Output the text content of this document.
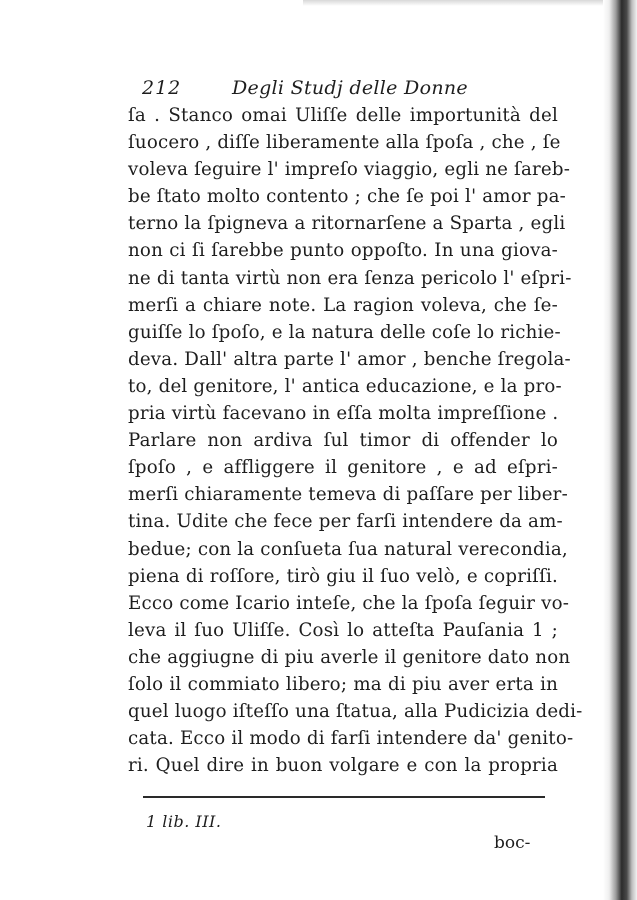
212	Degli Studj delle Donne
ſa . Stanco omai Uliſſe delle importunità del
ſuocero , diſſe liberamente alla ſpoſa , che , ſe
voleva ſeguire l' impreſo viaggio, egli ne ſareb-
be ſtato molto contento ; che ſe poi l' amor pa-
terno la ſpigneva a ritornarſene a Sparta , egli
non ci ſi ſarebbe punto oppoſto. In una giova-
ne di tanta virtù non era ſenza pericolo l' eſpri-
merſi a chiare note. La ragion voleva, che ſe-
guiſſe lo ſpoſo, e la natura delle coſe lo richie-
deva. Dall' altra parte l' amor , benche ſregola-
to, del genitore, l' antica educazione, e la pro-
pria virtù facevano in eſſa molta impreſſione .
Parlare non ardiva ſul timor di offender lo
ſpoſo , e affliggere il genitore , e ad eſpri-
merſi chiaramente temeva di paſſare per liber-
tina. Udite che fece per farſi intendere da am-
bedue; con la conſueta ſua natural verecondia,
piena di roſſore, tirò giu il ſuo velò, e copriſſi.
Ecco come Icario inteſe, che la ſpoſa ſeguir vo-
leva il ſuo Uliſſe. Così lo atteſta Pauſania 1 ;
che aggiugne di piu averle il genitore dato non
ſolo il commiato libero; ma di piu aver erta in
quel luogo iſteſſo una ſtatua, alla Pudicizia dedi-
cata. Ecco il modo di farſi intendere da' genito-
ri. Quel dire in buon volgare e con la propria
1 lib. III.
boc-
